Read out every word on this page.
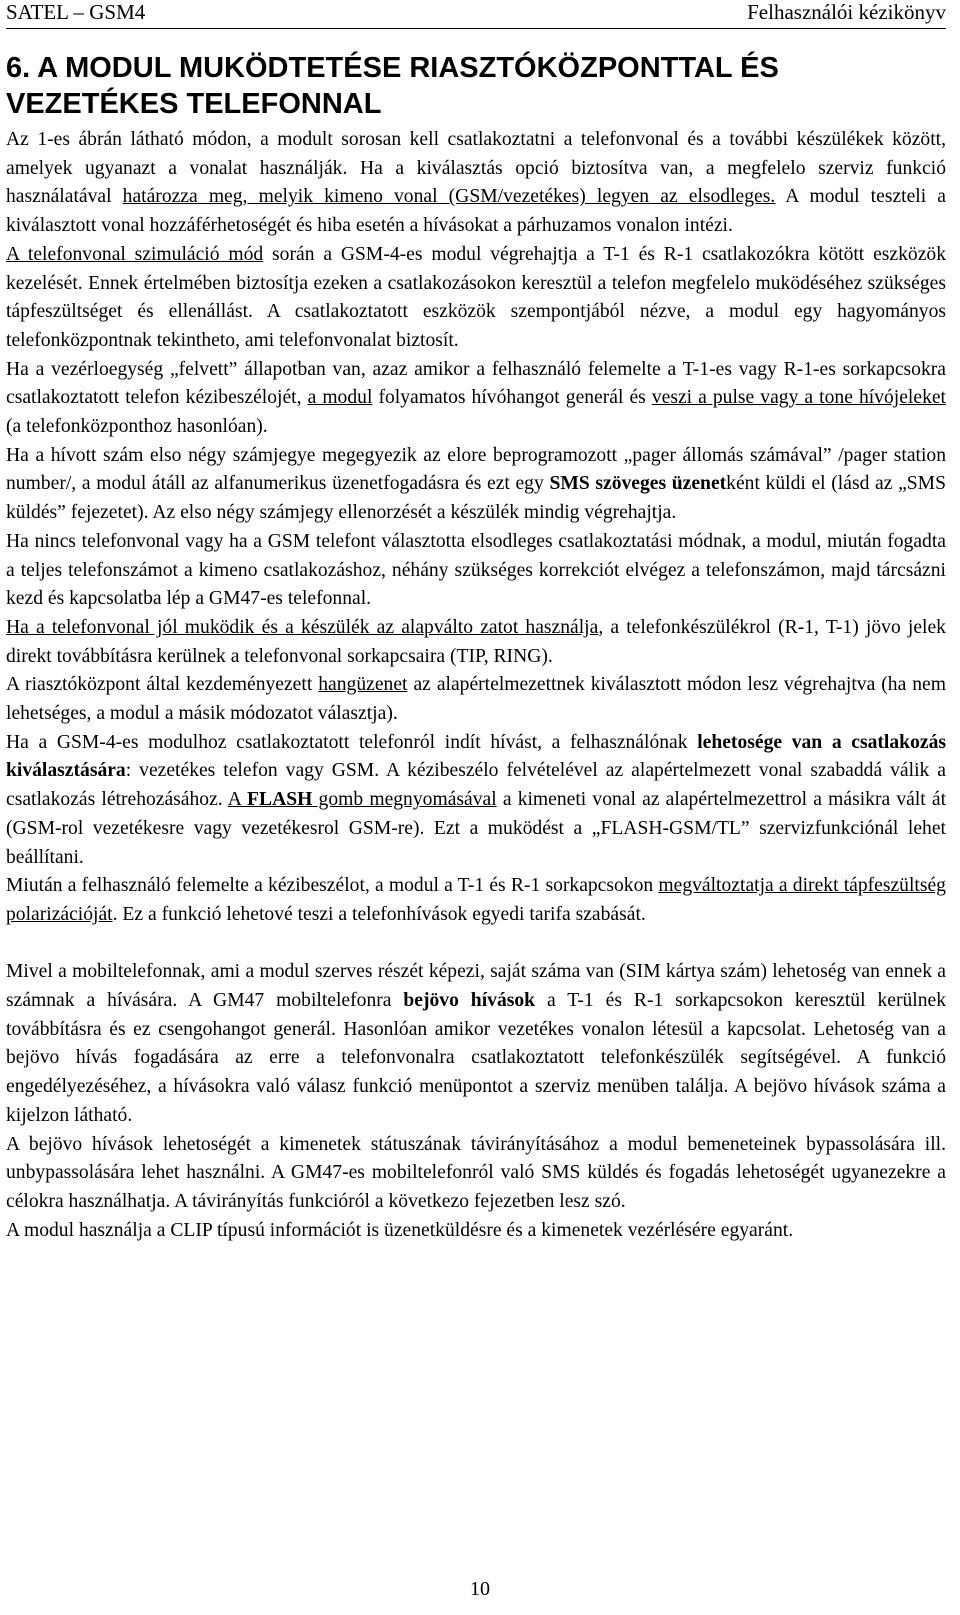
SATEL – GSM4	Felhasználói kézikönyv
6. A MODUL MUKÖDTETÉSE RIASZTÓKÖZPONTTAL ÉS
VEZETÉKES TELEFONNAL

Az 1-es ábrán látható módon, a modult sorosan kell csatlakoztatni a telefonvonal és a további készülékek között, amelyek ugyanazt a vonalat használják. Ha a kiválasztás opció biztosítva van, a megfelelo szerviz funkció használatával határozza meg, melyik kimeno vonal (GSM/vezetékes) legyen az elsodleges. A modul teszteli a kiválasztott vonal hozzáférhetoségét és hiba esetén a hívásokat a párhuzamos vonalon intézi.

A telefonvonal szimuláció mód során a GSM-4-es modul végrehajtja a T-1 és R-1 csatlakozókra kötött eszközök kezelését. Ennek értelmében biztosítja ezeken a csatlakozásokon keresztül a telefon megfelelo muködéséhez szükséges tápfeszültséget és ellenállást. A csatlakoztatott eszközök szempontjából nézve, a modul egy hagyományos telefonközpontnak tekintheto, ami telefonvonalat biztosít.

Ha a vezérloegység „felvett” állapotban van, azaz amikor a felhasználó felemelte a T-1-es vagy R-1-es sorkapcsokra csatlakoztatott telefon kézibeszélojét, a modul folyamatos hívóhangot generál és veszi a pulse vagy a tone hívójeleket (a telefonközponthoz hasonlóan).

Ha a hívott szám elso négy számjegye megegyezik az elore beprogramozott „pager állomás számával” /pager station number/, a modul átáll az alfanumerikus üzenetfogadásra és ezt egy SMS szöveges üzenetként küldi el (lásd az „SMS küldés” fejezetet). Az elso négy számjegy ellenorzését a készülék mindig végrehajtja.

Ha nincs telefonvonal vagy ha a GSM telefont választotta elsodleges csatlakoztatási módnak, a modul, miután fogadta a teljes telefonszámot a kimeno csatlakozáshoz, néhány szükséges korrekciót elvégez a telefonszámon, majd tárcsázni kezd és kapcsolatba lép a GM47-es telefonnal.

Ha a telefonvonal jól muködik és a készülék az alapválto zatot használja, a telefonkészülékrol (R-1, T-1) jövo jelek direkt továbbításra kerülnek a telefonvonal sorkapcsaira (TIP, RING).

A riasztóközpont által kezdeményezett hangüzenet az alapértelmezettnek kiválasztott módon lesz végrehajtva (ha nem lehetséges, a modul a másik módozatot választja).

Ha a GSM-4-es modulhoz csatlakoztatott telefonról indít hívást, a felhasználónak lehetosége van a csatlakozás kiválasztására: vezetékes telefon vagy GSM. A kézibeszélo felvételével az alapértelmezett vonal szabaddá válik a csatlakozás létrehozásához. A FLASH gomb megnyomásával a kimeneti vonal az alapértelmezettrol a másikra vált át (GSM-rol vezetékesre vagy vezetékesrol GSM-re). Ezt a muködést a „FLASH-GSM/TL” szervizfunkciónál lehet beállítani.

Miután a felhasználó felemelte a kézibeszélot, a modul a T-1 és R-1 sorkapcsokon megváltoztatja a direkt tápfeszültség polarizációját. Ez a funkció lehetové teszi a telefonhívások egyedi tarifa szabását.

Mivel a mobiltelefonnak, ami a modul szerves részét képezi, saját száma van (SIM kártya szám) lehetoség van ennek a számnak a hívására. A GM47 mobiltelefonra bejövo hívások a T-1 és R-1 sorkapcsokon keresztül kerülnek továbbításra és ez csengohangot generál. Hasonlóan amikor vezetékes vonalon létesül a kapcsolat. Lehetoség van a bejövo hívás fogadására az erre a telefonvonalra csatlakoztatott telefonkészülék segítségével. A funkció engedélyezéséhez, a hívásokra való válasz funkció menüpontot a szerviz menüben találja. A bejövo hívások száma a kijelzon látható.

A bejövo hívások lehetoségét a kimenetek státuszának távirányításához a modul bemeneteinek bypassolására ill. unbypassolására lehet használni. A GM47-es mobiltelefonról való SMS küldés és fogadás lehetoségét ugyanezekre a célokra használhatja. A távirányítás funkcióról a következo fejezetben lesz szó.

A modul használja a CLIP típusú információt is üzenetküldésre és a kimenetek vezérlésére egyaránt.

10
